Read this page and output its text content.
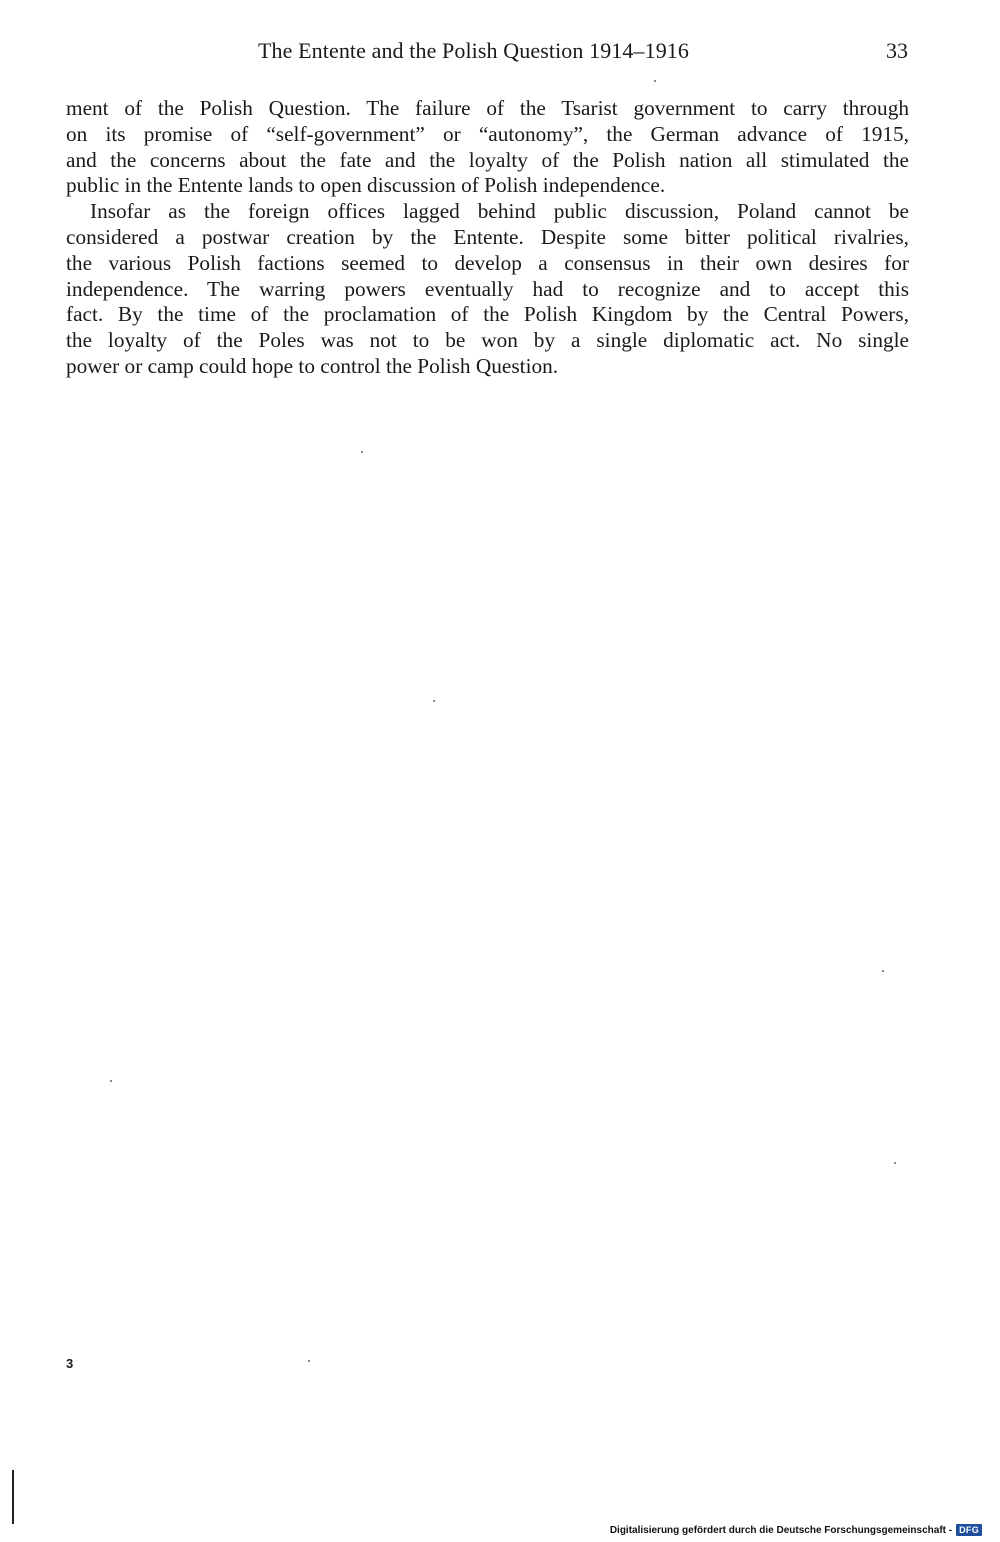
The Entente and the Polish Question 1914–1916	33
ment of the Polish Question. The failure of the Tsarist government to carry through
on its promise of “self-government” or “autonomy”, the German advance of 1915,
and the concerns about the fate and the loyalty of the Polish nation all stimulated the
public in the Entente lands to open discussion of Polish independence.
Insofar as the foreign offices lagged behind public discussion, Poland cannot be
considered a postwar creation by the Entente. Despite some bitter political rivalries,
the various Polish factions seemed to develop a consensus in their own desires for
independence. The warring powers eventually had to recognize and to accept this
fact. By the time of the proclamation of the Polish Kingdom by the Central Powers,
the loyalty of the Poles was not to be won by a single diplomatic act. No single
power or camp could hope to control the Polish Question.
3
Digitalisierung gefördert durch die Deutsche Forschungsgemeinschaft - DFG
